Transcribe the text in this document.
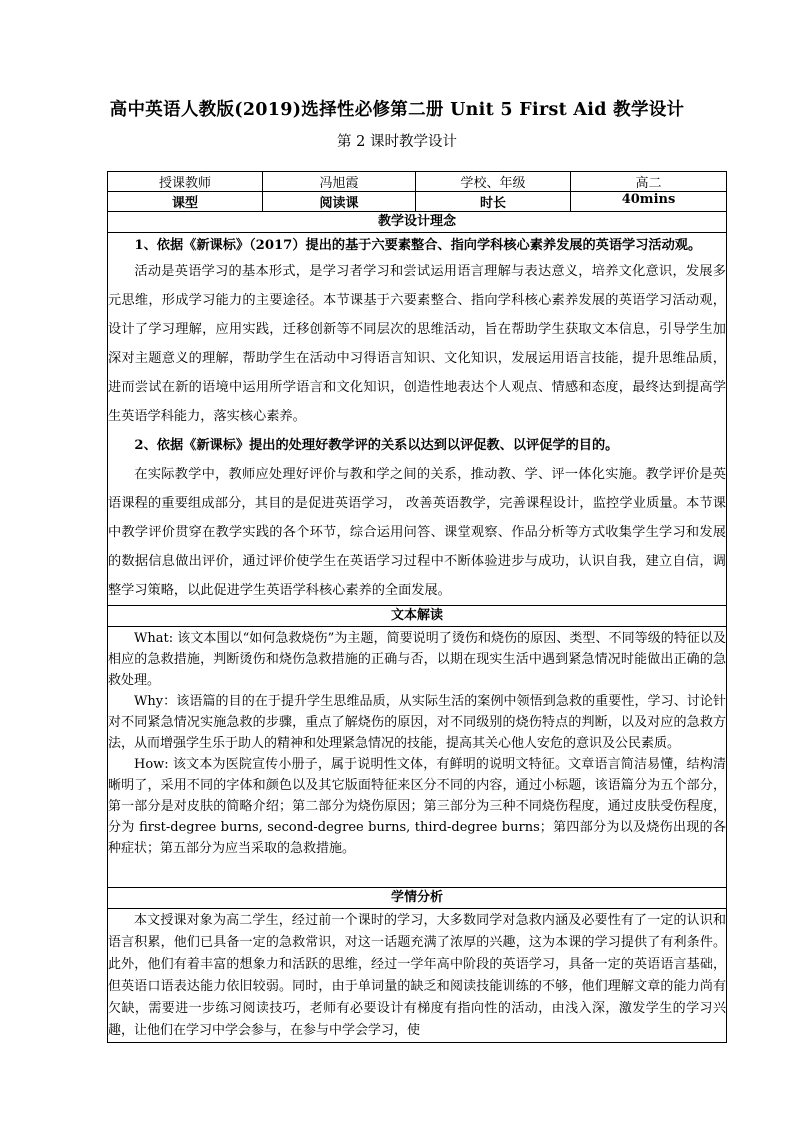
高中英语人教版(2019)选择性必修第二册 Unit 5 First Aid 教学设计
第 2 课时教学设计
授课教师	冯旭霞	学校、年级	高二
课型	阅读课	时长	40mins
教学设计理念			

1、依据《新课标》（2017）提出的基于六要素整合、指向学科核心素养发展的英语学习活动观。

活动是英语学习的基本形式，是学习者学习和尝试运用语言理解与表达意义，培养文化意识，发展多元思维，形成学习能力的主要途径。本节课基于六要素整合、指向学科核心素养发展的英语学习活动观，设计了学习理解，应用实践，迁移创新等不同层次的思维活动，旨在帮助学生获取文本信息，引导学生加深对主题意义的理解，帮助学生在活动中习得语言知识、文化知识，发展运用语言技能，提升思维品质，进而尝试在新的语境中运用所学语言和文化知识，创造性地表达个人观点、情感和态度，最终达到提高学生英语学科能力，落实核心素养。

2、依据《新课标》提出的处理好教学评的关系以达到以评促教、以评促学的目的。

在实际教学中，教师应处理好评价与教和学之间的关系，推动教、学、评一体化实施。教学评价是英语课程的重要组成部分，其目的是促进英语学习， 改善英语教学，完善课程设计，监控学业质量。本节课中教学评价贯穿在教学实践的各个环节，综合运用问答、课堂观察、作品分析等方式收集学生学习和发展的数据信息做出评价，通过评价使学生在英语学习过程中不断体验进步与成功，认识自我，建立自信，调整学习策略，以此促进学生英语学科核心素养的全面发展。			

文本解读			

What: 该文本围以“如何急救烧伤”为主题，简要说明了烫伤和烧伤的原因、类型、不同等级的特征以及相应的急救措施，判断烫伤和烧伤急救措施的正确与否，以期在现实生活中遇到紧急情况时能做出正确的急救处理。

Why：该语篇的目的在于提升学生思维品质，从实际生活的案例中领悟到急救的重要性，学习、讨论针对不同紧急情况实施急救的步骤，重点了解烧伤的原因，对不同级别的烧伤特点的判断，以及对应的急救方法，从而增强学生乐于助人的精神和处理紧急情况的技能，提高其关心他人安危的意识及公民素质。

How: 该文本为医院宣传小册子，属于说明性文体，有鲜明的说明文特征。文章语言简洁易懂，结构清晰明了，采用不同的字体和颜色以及其它版面特征来区分不同的内容，通过小标题，该语篇分为五个部分，第一部分是对皮肤的简略介绍；第二部分为烧伤原因；第三部分为三种不同烧伤程度，通过皮肤受伤程度，分为 first-degree burns, second-degree burns, third-degree burns；第四部分为以及烧伤出现的各种症状；第五部分为应当采取的急救措施。			

学情分析			

本文授课对象为高二学生，经过前一个课时的学习，大多数同学对急救内涵及必要性有了一定的认识和语言积累，他们已具备一定的急救常识，对这一话题充满了浓厚的兴趣，这为本课的学习提供了有利条件。此外，他们有着丰富的想象力和活跃的思维，经过一学年高中阶段的英语学习，具备一定的英语语言基础，但英语口语表达能力依旧较弱。同时，由于单词量的缺乏和阅读技能训练的不够，他们理解文章的能力尚有欠缺，需要进一步练习阅读技巧，老师有必要设计有梯度有指向性的活动，由浅入深，激发学生的学习兴趣，让他们在学习中学会参与，在参与中学会学习，使			
